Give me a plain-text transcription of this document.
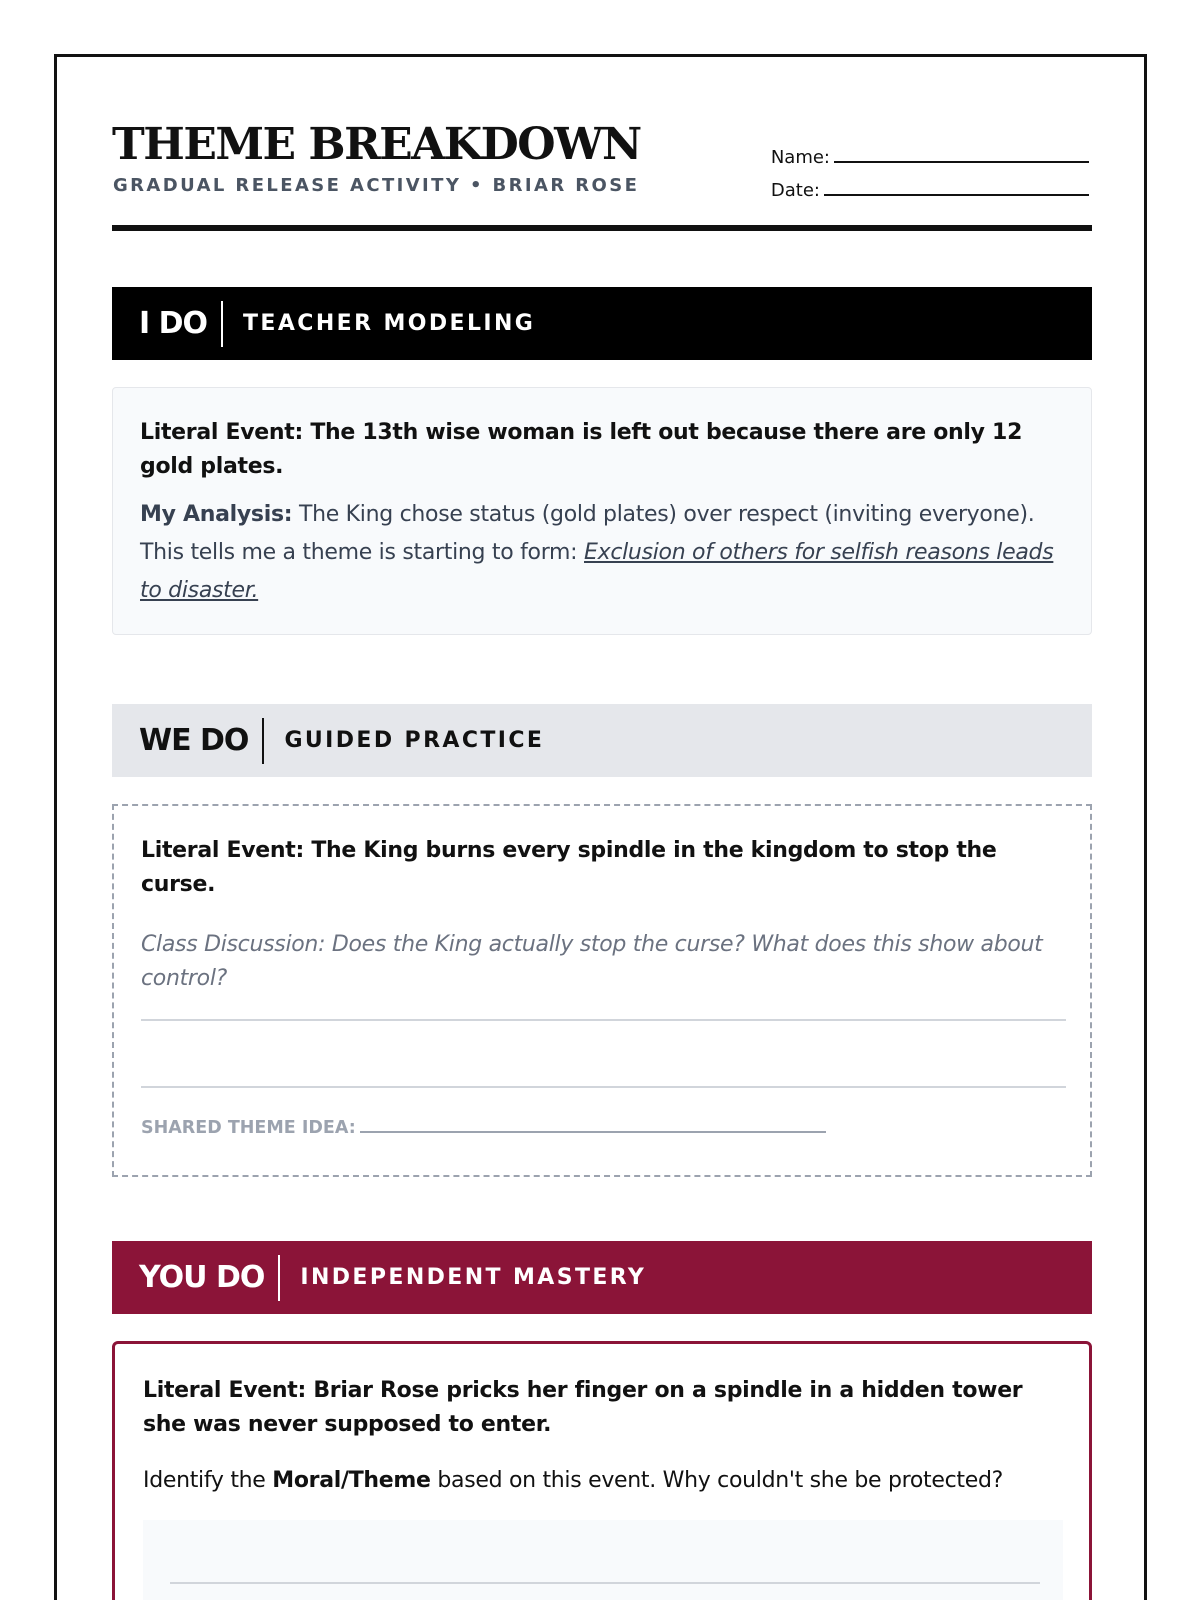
THEME BREAKDOWN
GRADUAL RELEASE ACTIVITY • BRIAR ROSE
Name:
Date:
I DO	TEACHER MODELING

Literal Event: The 13th wise woman is left out because there are only 12 gold plates.

My Analysis: The King chose status (gold plates) over respect (inviting everyone). This tells me a theme is starting to form: Exclusion of others for selfish reasons leads to disaster.

WE DO	GUIDED PRACTICE

Literal Event: The King burns every spindle in the kingdom to stop the curse.

Class Discussion: Does the King actually stop the curse? What does this show about control?

SHARED THEME IDEA:
YOU DO	INDEPENDENT MASTERY

Literal Event: Briar Rose pricks her finger on a spindle in a hidden tower she was never supposed to enter.

Identify the Moral/Theme based on this event. Why couldn't she be protected?
